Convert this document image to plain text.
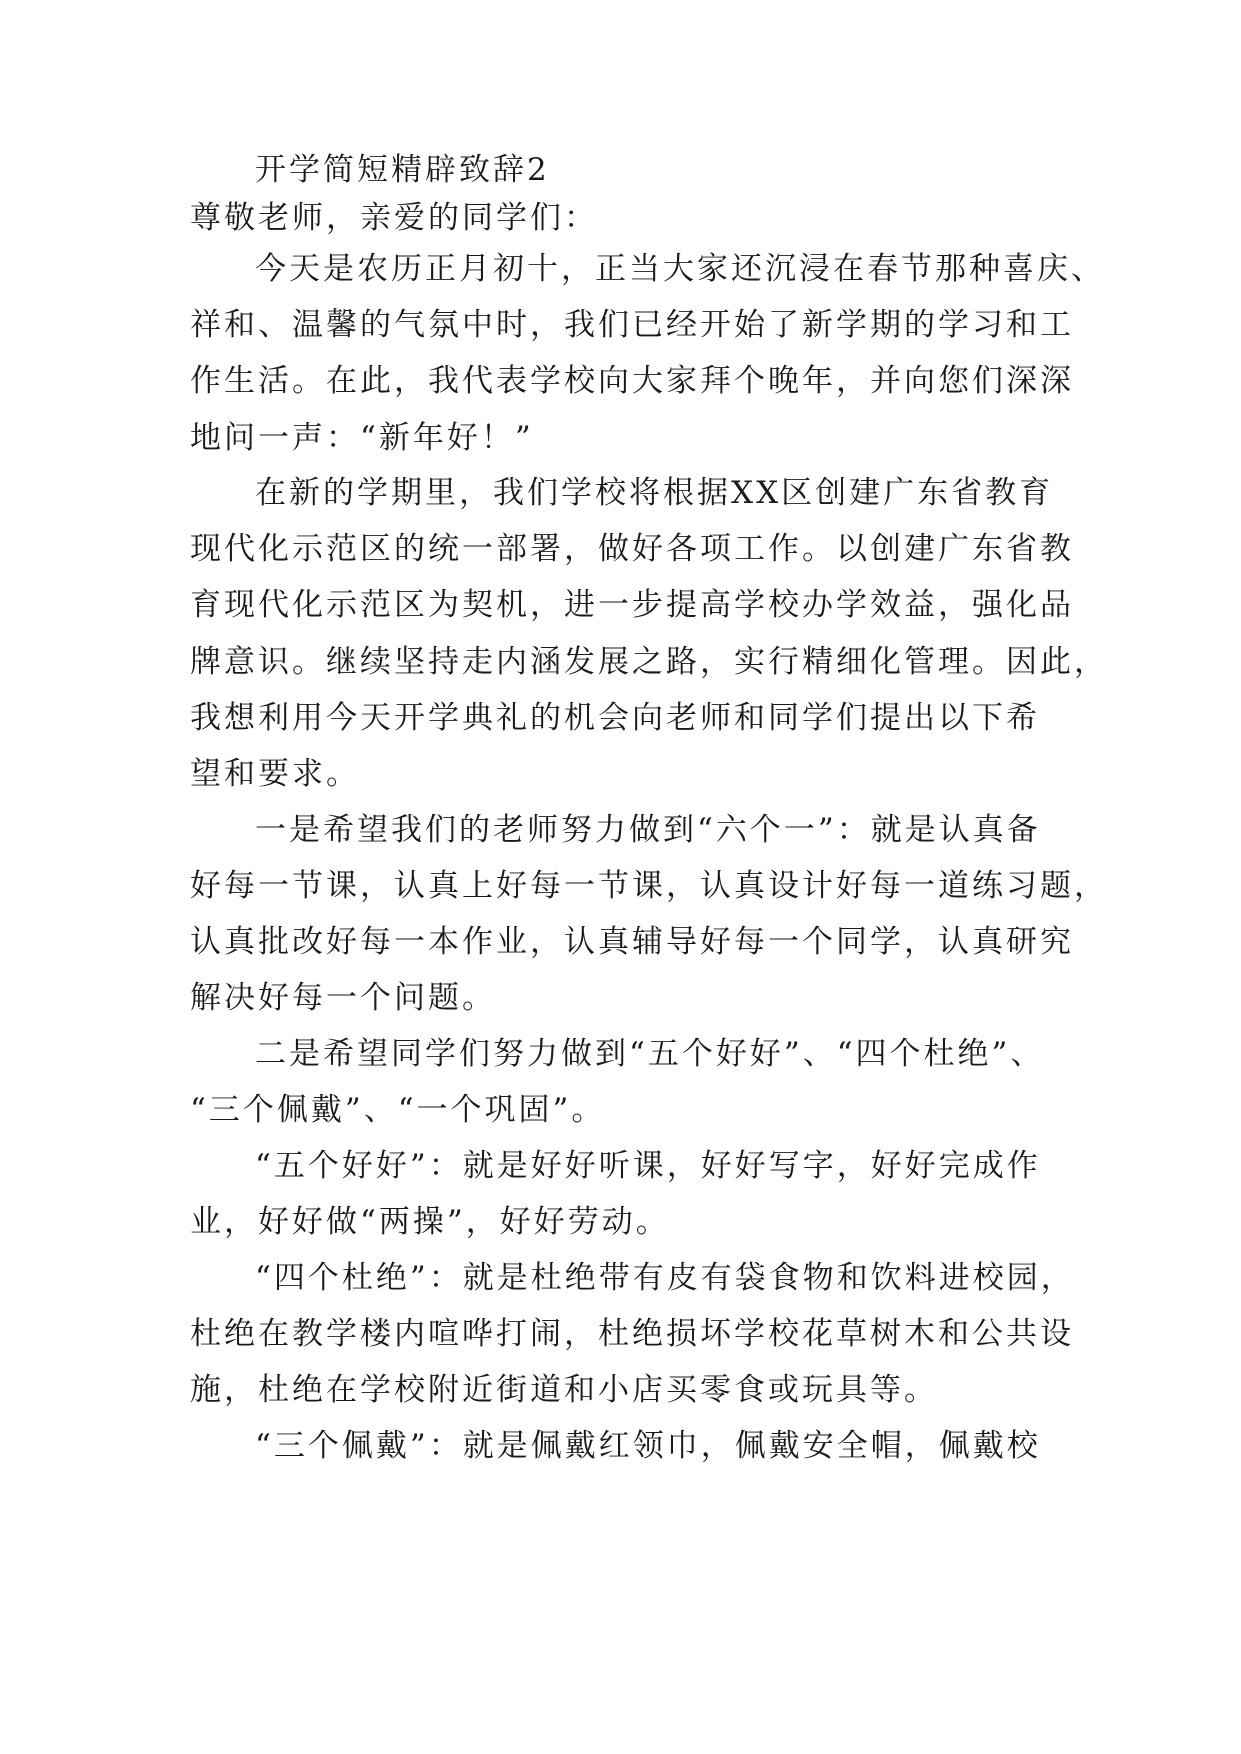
开学简短精辟致辞2
尊敬老师，亲爱的同学们：
今天是农历正月初十，正当大家还沉浸在春节那种喜庆、
祥和、温馨的气氛中时，我们已经开始了新学期的学习和工
作生活。在此，我代表学校向大家拜个晚年，并向您们深深
地问一声：“新年好！”
在新的学期里，我们学校将根据XX区创建广东省教育
现代化示范区的统一部署，做好各项工作。以创建广东省教
育现代化示范区为契机，进一步提高学校办学效益，强化品
牌意识。继续坚持走内涵发展之路，实行精细化管理。因此，
我想利用今天开学典礼的机会向老师和同学们提出以下希
望和要求。
一是希望我们的老师努力做到“六个一”：就是认真备
好每一节课，认真上好每一节课，认真设计好每一道练习题，
认真批改好每一本作业，认真辅导好每一个同学，认真研究
解决好每一个问题。
二是希望同学们努力做到“五个好好”、“四个杜绝”、
“三个佩戴”、“一个巩固”。
“五个好好”：就是好好听课，好好写字，好好完成作
业，好好做“两操”，好好劳动。
“四个杜绝”：就是杜绝带有皮有袋食物和饮料进校园，
杜绝在教学楼内喧哗打闹，杜绝损坏学校花草树木和公共设
施，杜绝在学校附近街道和小店买零食或玩具等。
“三个佩戴”：就是佩戴红领巾，佩戴安全帽，佩戴校
